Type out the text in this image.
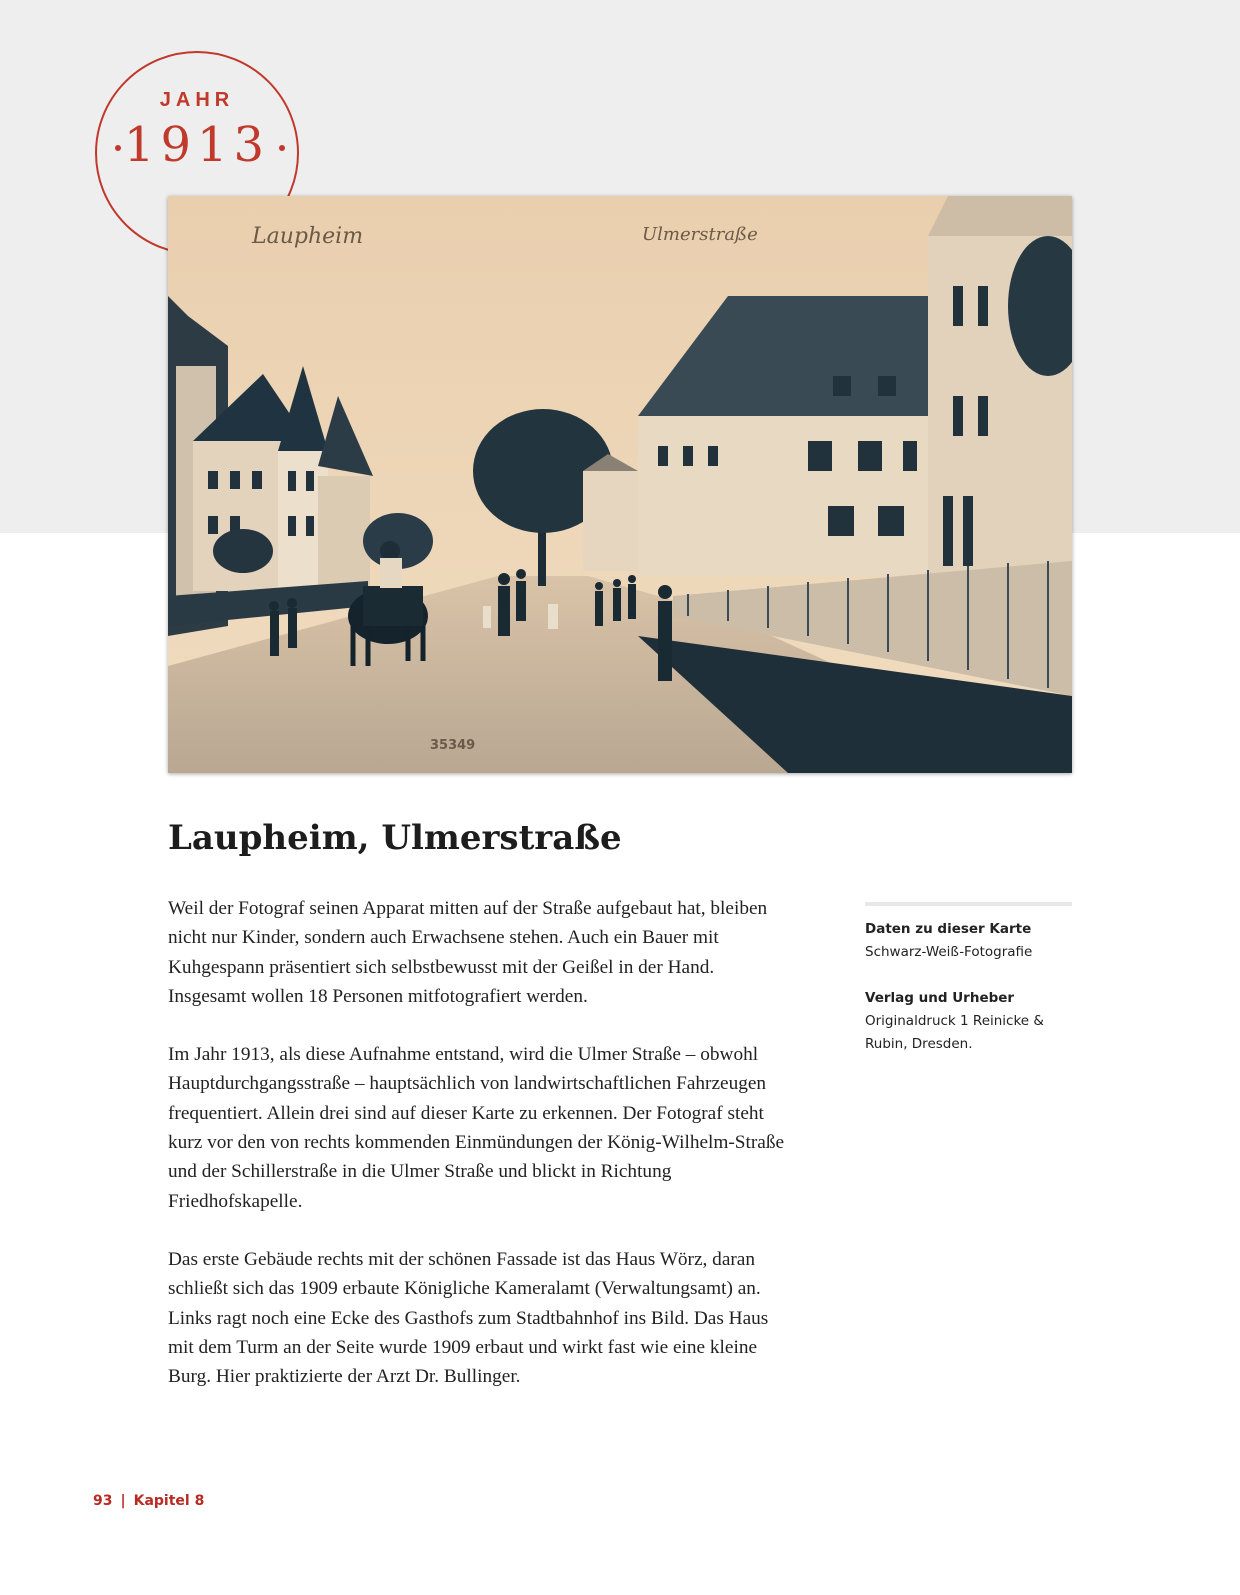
JAHR
1913
Laupheim	Ulmerstraße
35349
Laupheim, Ulmerstraße

Weil der Fotograf seinen Apparat mitten auf der Straße aufgebaut hat, bleiben nicht nur Kinder, sondern auch Erwachsene stehen. Auch ein Bauer mit Kuhgespann präsentiert sich selbstbewusst mit der Geißel in der Hand. Insgesamt wollen 18 Personen mitfotografiert werden.

Im Jahr 1913, als diese Aufnahme entstand, wird die Ulmer Straße – obwohl Hauptdurchgangsstraße – hauptsächlich von landwirtschaftlichen Fahrzeugen frequentiert. Allein drei sind auf dieser Karte zu erkennen. Der Fotograf steht kurz vor den von rechts kommenden Einmündungen der König-Wilhelm-Straße und der Schillerstraße in die Ulmer Straße und blickt in Richtung Friedhofskapelle.

Das erste Gebäude rechts mit der schönen Fassade ist das Haus Wörz, daran schließt sich das 1909 erbaute Königliche Kameralamt (Verwaltungsamt) an. Links ragt noch eine Ecke des Gasthofs zum Stadtbahnhof ins Bild. Das Haus mit dem Turm an der Seite wurde 1909 erbaut und wirkt fast wie eine kleine Burg. Hier praktizierte der Arzt Dr. Bullinger.

Daten zu dieser Karte
Schwarz-Weiß-Fotografie
Verlag und Urheber
Originaldruck 1 Reinicke & Rubin, Dresden.
93 | Kapitel 8
